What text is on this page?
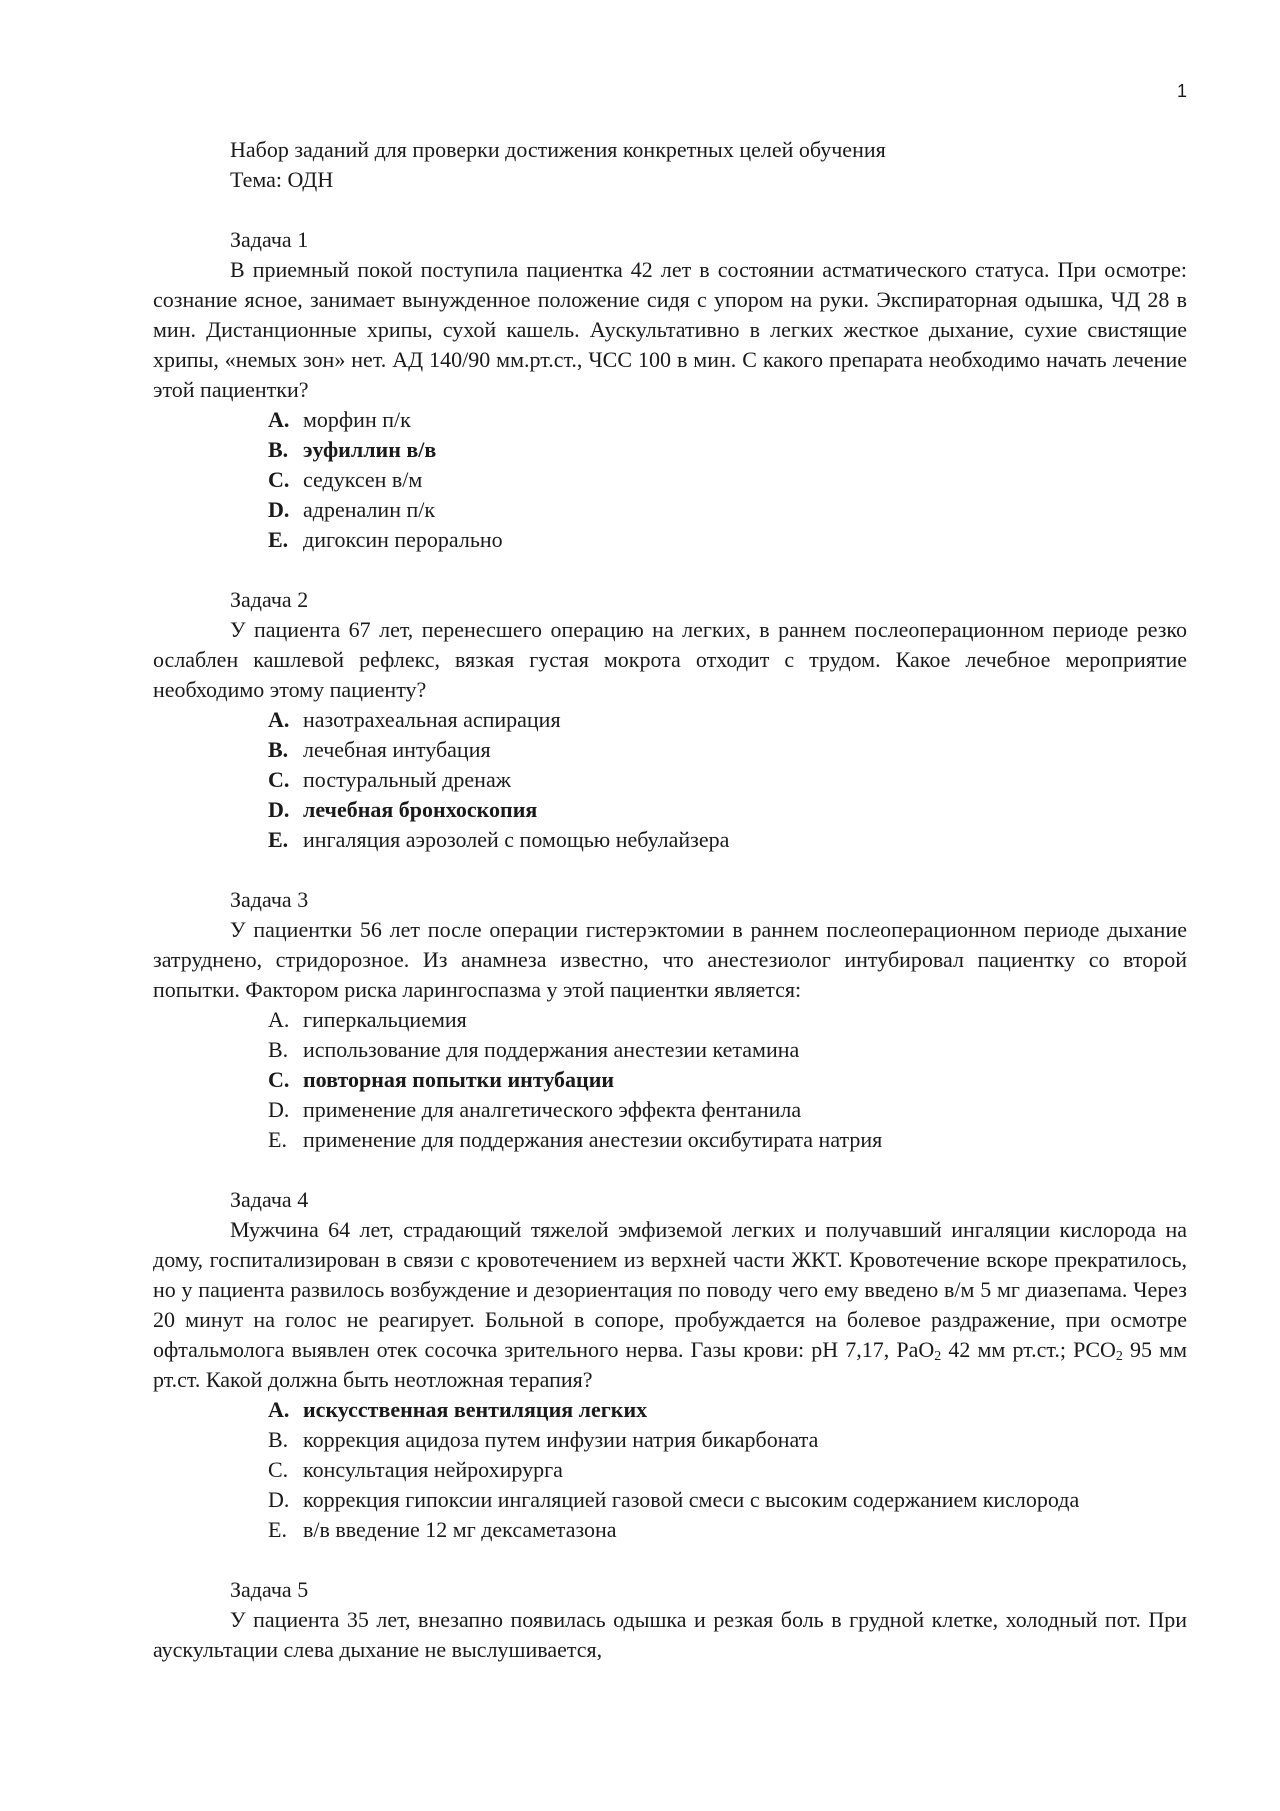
1
Набор заданий для проверки достижения конкретных целей обучения
Тема: ОДН
Задача 1

В приемный покой поступила пациентка 42 лет в состоянии астматического статуса. При осмотре: сознание ясное, занимает вынужденное положение сидя с упором на руки. Экспираторная одышка, ЧД 28 в мин. Дистанционные хрипы, сухой кашель. Аускультативно в легких жесткое дыхание, сухие свистящие хрипы, «немых зон» нет. АД 140/90 мм.рт.ст., ЧСС 100 в мин. С какого препарата необходимо начать лечение этой пациентки?

A. морфин п/к
B. эуфиллин в/в
C. седуксен в/м
D. адреналин п/к
E. дигоксин перорально
Задача 2

У пациента 67 лет, перенесшего операцию на легких, в раннем послеоперационном периоде резко ослаблен кашлевой рефлекс, вязкая густая мокрота отходит с трудом. Какое лечебное мероприятие необходимо этому пациенту?

A. назотрахеальная аспирация
B. лечебная интубация
C. постуральный дренаж
D. лечебная бронхоскопия
E. ингаляция аэрозолей с помощью небулайзера
Задача 3

У пациентки 56 лет после операции гистерэктомии в раннем послеоперационном периоде дыхание затруднено, стридорозное. Из анамнеза известно, что анестезиолог интубировал пациентку со второй попытки. Фактором риска ларингоспазма у этой пациентки является:

A. гиперкальциемия
B. использование для поддержания анестезии кетамина
C. повторная попытки интубации
D. применение для аналгетического эффекта фентанила
E. применение для поддержания анестезии оксибутирата натрия
Задача 4

Мужчина 64 лет, страдающий тяжелой эмфиземой легких и получавший ингаляции кислорода на дому, госпитализирован в связи с кровотечением из верхней части ЖКТ. Кровотечение вскоре прекратилось, но у пациента развилось возбуждение и дезориентация по поводу чего ему введено в/м 5 мг диазепама. Через 20 минут на голос не реагирует. Больной в сопоре, пробуждается на болевое раздражение, при осмотре офтальмолога выявлен отек сосочка зрительного нерва. Газы крови: pH 7,17, PaO$_2$ 42 мм рт.ст.; $PCO_2$ 95 мм рт.ст. Какой должна быть неотложная терапия?

A. искусственная вентиляция легких
B. коррекция ацидоза путем инфузии натрия бикарбоната
C. консультация нейрохирурга
D. коррекция гипоксии ингаляцией газовой смеси с высоким содержанием кислорода
E. в/в введение 12 мг дексаметазона
Задача 5

У пациента 35 лет, внезапно появилась одышка и резкая боль в грудной клетке, холодный пот. При аускультации слева дыхание не выслушивается,
